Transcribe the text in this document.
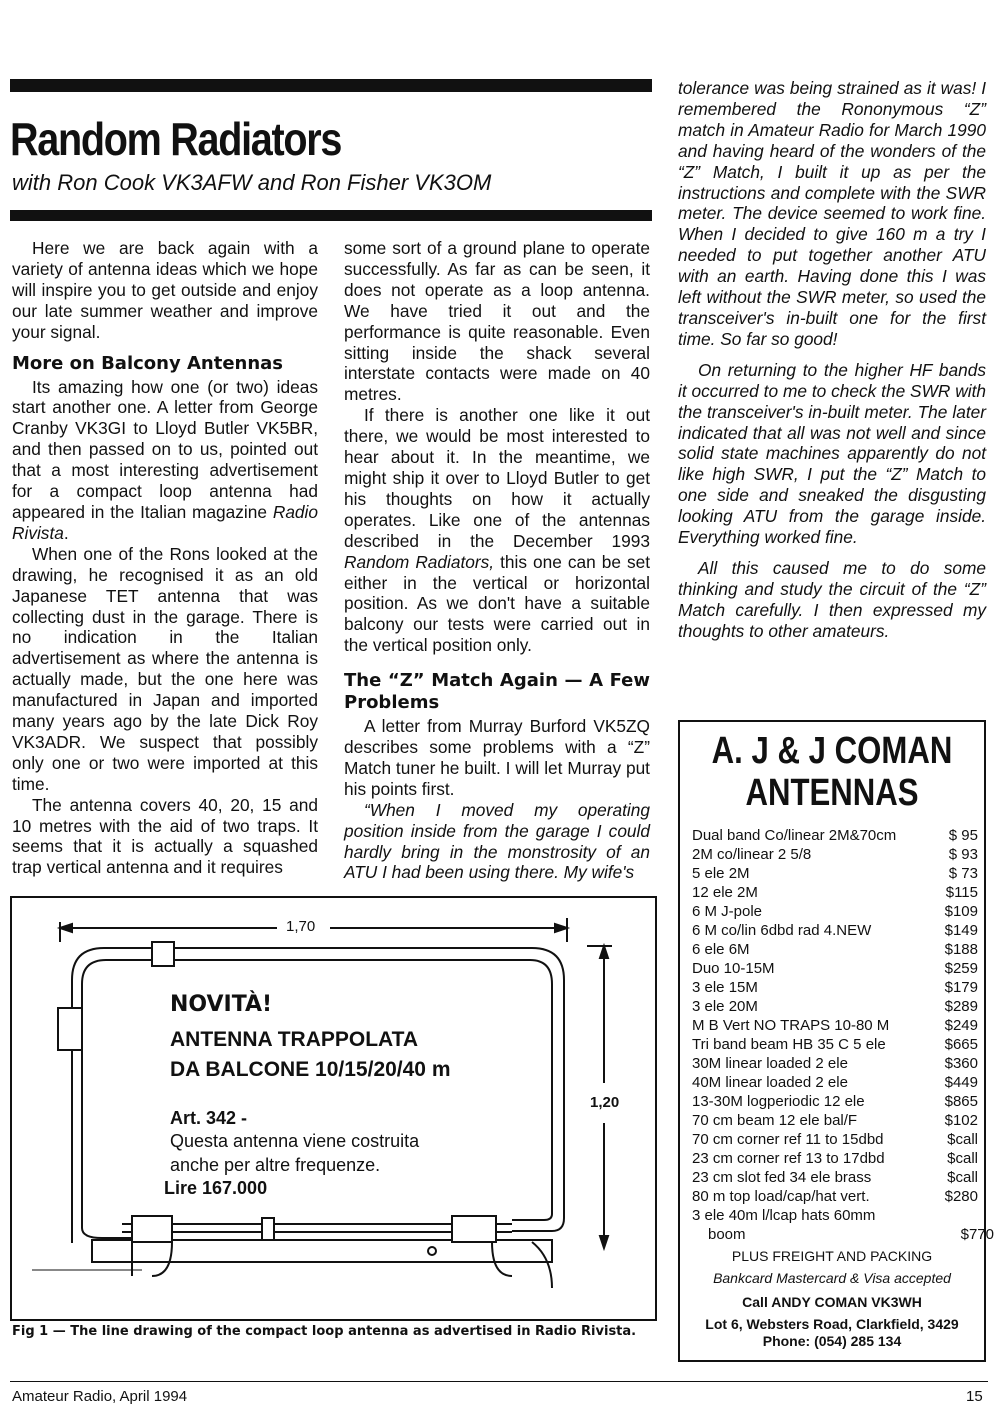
Random Radiators
with Ron Cook VK3AFW and Ron Fisher VK3OM

Here we are back again with a variety of antenna ideas which we hope will inspire you to get outside and enjoy our late summer weather and improve your signal.

More on Balcony Antennas

Its amazing how one (or two) ideas start another one. A letter from George Cranby VK3GI to Lloyd Butler VK5BR, and then passed on to us, pointed out that a most interesting advertisement for a compact loop antenna had appeared in the Italian magazine Radio Rivista.

When one of the Rons looked at the drawing, he recognised it as an old Japanese TET antenna that was collecting dust in the garage. There is no indication in the Italian advertisement as where the antenna is actually made, but the one here was manufactured in Japan and imported many years ago by the late Dick Roy VK3ADR. We suspect that possibly only one or two were imported at this time.

The antenna covers 40, 20, 15 and 10 metres with the aid of two traps. It seems that it is actually a squashed trap vertical antenna and it requires

some sort of a ground plane to operate successfully. As far as can be seen, it does not operate as a loop antenna. We have tried it out and the performance is quite reasonable. Even sitting inside the shack several interstate contacts were made on 40 metres.

If there is another one like it out there, we would be most interested to hear about it. In the meantime, we might ship it over to Lloyd Butler to get his thoughts on how it actually operates. Like one of the antennas described in the December 1993 Random Radiators, this one can be set either in the vertical or horizontal position. As we don't have a suitable balcony our tests were carried out in the vertical position only.

The “Z” Match Again — A Few Problems

A letter from Murray Burford VK5ZQ describes some problems with a “Z” Match tuner he built. I will let Murray put his points first.

“When I moved my operating position inside from the garage I could hardly bring in the monstrosity of an ATU I had been using there. My wife's

tolerance was being strained as it was! I remembered the Rononymous “Z” match in Amateur Radio for March 1990 and having heard of the wonders of the “Z” Match, I built it up as per the instructions and complete with the SWR meter. The device seemed to work fine. When I decided to give 160 m a try I needed to put together another ATU with an earth. Having done this I was left without the SWR meter, so used the transceiver's in-built one for the first time. So far so good!

On returning to the higher HF bands it occurred to me to check the SWR with the transceiver's in-built meter. The later indicated that all was not well and since solid state machines apparently do not like high SWR, I put the “Z” Match to one side and sneaked the disgusting looking ATU from the garage inside. Everything worked fine.

All this caused me to do some thinking and study the circuit of the “Z” Match carefully. I then expressed my thoughts to other amateurs.

1,70
1,20
NOVITÀ!
ANTENNA TRAPPOLATA
DA BALCONE 10/15/20/40 m
Art. 342 -
Questa antenna viene costruita
anche per altre frequenze.
Lire 167.000
Fig 1 — The line drawing of the compact loop antenna as advertised in Radio Rivista.
A. J & J COMAN
ANTENNAS
Dual band Co/linear 2M&70cm	$ 95
2M co/linear 2 5/8	$ 93
5 ele 2M	$ 73
12 ele 2M	$115
6 M J-pole	$109
6 M co/lin 6dbd rad 4.NEW	$149
6 ele 6M	$188
Duo 10-15M	$259
3 ele 15M	$179
3 ele 20M	$289
M B Vert NO TRAPS 10-80 M	$249
Tri band beam HB 35 C 5 ele	$665
30M linear loaded 2 ele	$360
40M linear loaded 2 ele	$449
13-30M logperiodic 12 ele	$865
70 cm beam 12 ele bal/F	$102
70 cm corner ref 11 to 15dbd	$call
23 cm corner ref 13 to 17dbd	$call
23 cm slot fed 34 ele brass	$call
80 m top load/cap/hat vert.	$280
3 ele 40m l/lcap hats 60mm
boom	$770
PLUS FREIGHT AND PACKING
Bankcard Mastercard & Visa accepted
Call ANDY COMAN VK3WH
Lot 6, Websters Road, Clarkfield, 3429
Phone: (054) 285 134
Amateur Radio, April 1994	15
